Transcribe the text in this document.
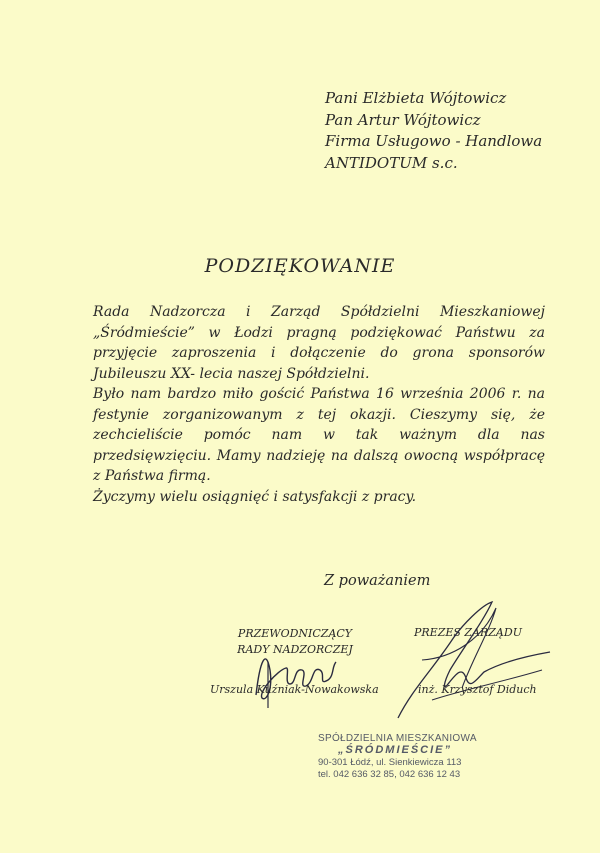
Pani Elżbieta Wójtowicz
Pan Artur Wójtowicz
Firma Usługowo - Handlowa
ANTIDOTUM s.c.
PODZIĘKOWANIE

Rada Nadzorcza i Zarząd Spółdzielni Mieszkaniowej „Śródmieście” w Łodzi pragną podziękować Państwu za przyjęcie zaproszenia i dołączenie do grona sponsorów Jubileuszu XX- lecia naszej Spółdzielni.

Było nam bardzo miło gościć Państwa 16 września 2006 r. na festynie zorganizowanym z tej okazji. Cieszymy się, że zechcieliście pomóc nam w tak ważnym dla nas przedsięwzięciu. Mamy nadzieję na dalszą owocną współpracę z Państwa firmą.

Życzymy wielu osiągnięć i satysfakcji z pracy.

Z poważaniem
PRZEWODNICZĄCY
RADY NADZORCZEJ
Urszula Kuźniak-Nowakowska
PREZES ZARZĄDU
inż. Krzysztof Diduch
SPÓŁDZIELNIA MIESZKANIOWA
„ŚRÓDMIEŚCIE”
90-301 Łódź, ul. Sienkiewicza 113
tel. 042 636 32 85, 042 636 12 43
